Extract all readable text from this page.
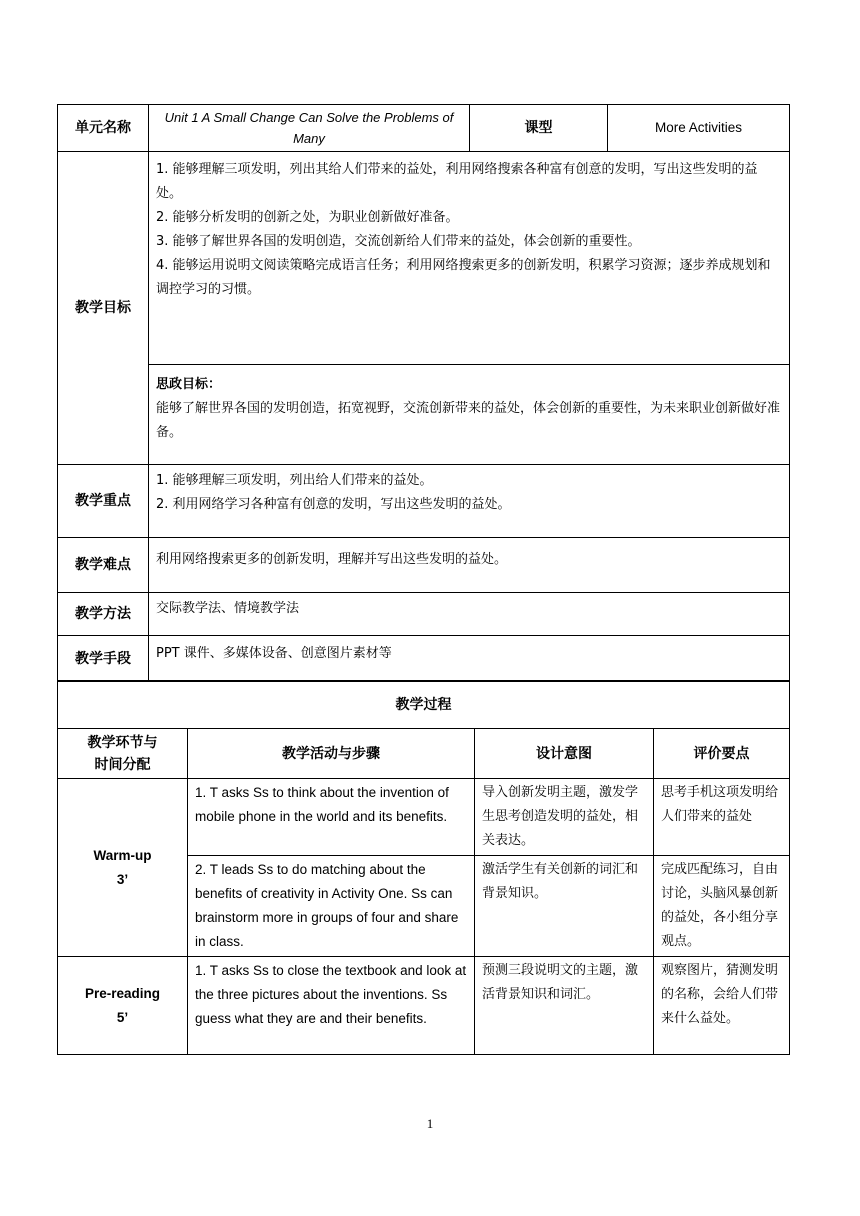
单元名称	Unit 1 A Small Change Can Solve the Problems of Many	课型	More Activities
教学目标	1. 能够理解三项发明，列出其给人们带来的益处，利用网络搜索各种富有创意的发明，写出这些发明的益处。
2. 能够分析发明的创新之处，为职业创新做好准备。
3. 能够了解世界各国的发明创造，交流创新给人们带来的益处，体会创新的重要性。
4. 能够运用说明文阅读策略完成语言任务；利用网络搜索更多的创新发明，积累学习资源；逐步养成规划和调控学习的习惯。		

	思政目标：
能够了解世界各国的发明创造，拓宽视野，交流创新带来的益处，体会创新的重要性，为未来职业创新做好准备。		

教学重点	1. 能够理解三项发明，列出给人们带来的益处。
2. 利用网络学习各种富有创意的发明，写出这些发明的益处。		

教学难点	利用网络搜索更多的创新发明，理解并写出这些发明的益处。		
教学方法	交际教学法、情境教学法		
教学手段	PPT 课件、多媒体设备、创意图片素材等		
教学过程			
教学环节与时间分配	教学活动与步骤	设计意图	评价要点

Warm-up
3’	1. T asks Ss to think about the invention of mobile phone in the world and its benefits.	导入创新发明主题，激发学生思考创造发明的益处，相关表达。	思考手机这项发明给人们带来的益处
	2. T leads Ss to do matching about the benefits of creativity in Activity One. Ss can brainstorm more in groups of four and share in class.	激活学生有关创新的词汇和背景知识。	完成匹配练习，自由讨论，头脑风暴创新的益处，各小组分享观点。

Pre-reading
5’	1. T asks Ss to close the textbook and look at the three pictures about the inventions. Ss guess what they are and their benefits.	预测三段说明文的主题，激活背景知识和词汇。	观察图片，猜测发明的名称，会给人们带来什么益处。
1
